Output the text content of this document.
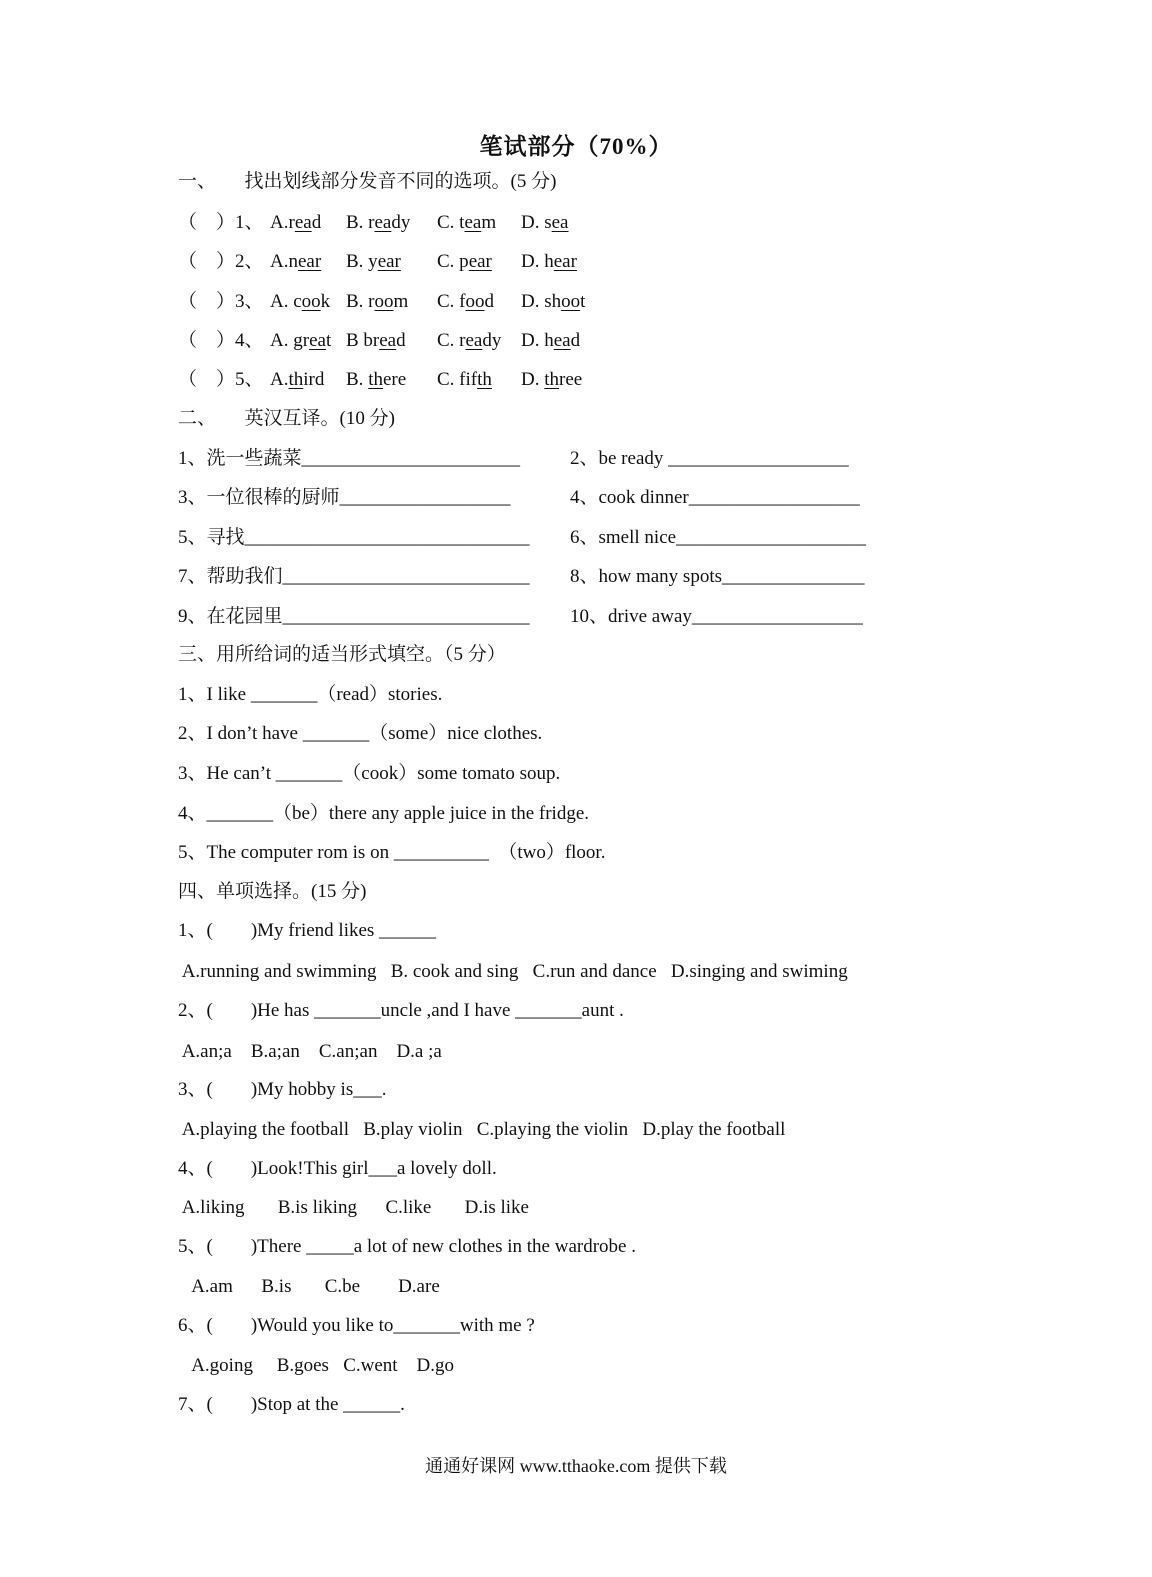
笔试部分（70%）
一、      找出划线部分发音不同的选项。(5 分)
（    ）1、 A.read B. ready C. team D. sea
（    ）2、 A.near B. year C. pear D. hear
（    ）3、 A. cook B. room C. food D. shoot
（    ）4、 A. great B bread C. ready D. head
（    ）5、 A.third B. there C. fifth D. three
二、      英汉互译。(10 分)
1、洗一些蔬菜_______________________	2、be ready ___________________
3、一位很棒的厨师__________________	4、cook dinner__________________
5、寻找______________________________ 6、smell nice____________________
7、帮助我们__________________________ 8、how many spots_______________
9、在花园里__________________________ 10、drive away__________________
三、用所给词的适当形式填空。（5 分）
1、I like _______（read）stories.
2、I don’t have _______（some）nice clothes.
3、He can’t _______（cook）some tomato soup.
4、_______（be）there any apple juice in the fridge.
5、The computer rom is on __________  （two）floor.
四、单项选择。(15 分)
1、(        )My friend likes ______
A.running and swimming   B. cook and sing   C.run and dance   D.singing and swiming
2、(        )He has _______uncle ,and I have _______aunt .
A.an;a    B.a;an    C.an;an    D.a ;a
3、(        )My hobby is___.
A.playing the football   B.play violin   C.playing the violin   D.play the football
4、(        )Look!This girl___a lovely doll.
A.liking       B.is liking      C.like       D.is like
5、(        )There _____a lot of new clothes in the wardrobe .
A.am      B.is       C.be        D.are
6、(        )Would you like to_______with me ?
A.going     B.goes   C.went    D.go
7、(        )Stop at the ______.
通通好课网 www.tthaoke.com 提供下载
